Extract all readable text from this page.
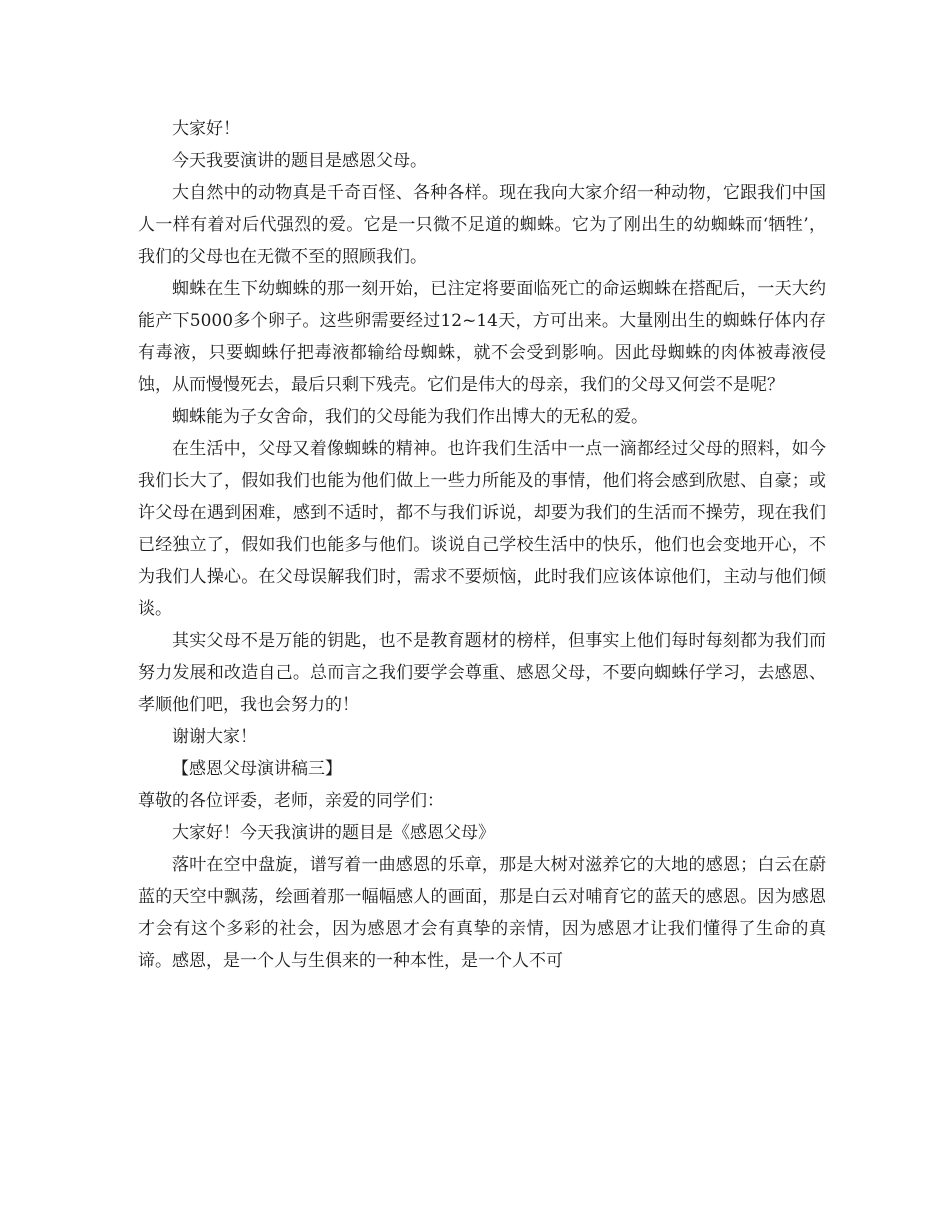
大家好！

今天我要演讲的题目是感恩父母。

大自然中的动物真是千奇百怪、各种各样。现在我向大家介绍一种动物，它跟我们中国人一样有着对后代强烈的爱。它是一只微不足道的蜘蛛。它为了刚出生的幼蜘蛛而‘牺牲’，我们的父母也在无微不至的照顾我们。

蜘蛛在生下幼蜘蛛的那一刻开始，已注定将要面临死亡的命运蜘蛛在搭配后，一天大约能产下5000多个卵子。这些卵需要经过12~14天，方可出来。大量刚出生的蜘蛛仔体内存有毒液，只要蜘蛛仔把毒液都输给母蜘蛛，就不会受到影响。因此母蜘蛛的肉体被毒液侵蚀，从而慢慢死去，最后只剩下残壳。它们是伟大的母亲，我们的父母又何尝不是呢？

蜘蛛能为子女舍命，我们的父母能为我们作出博大的无私的爱。

在生活中，父母又着像蜘蛛的精神。也许我们生活中一点一滴都经过父母的照料，如今我们长大了，假如我们也能为他们做上一些力所能及的事情，他们将会感到欣慰、自豪；或许父母在遇到困难，感到不适时，都不与我们诉说，却要为我们的生活而不操劳，现在我们已经独立了，假如我们也能多与他们。谈说自己学校生活中的快乐，他们也会变地开心，不为我们人操心。在父母误解我们时，需求不要烦恼，此时我们应该体谅他们，主动与他们倾谈。

其实父母不是万能的钥匙，也不是教育题材的榜样，但事实上他们每时每刻都为我们而努力发展和改造自己。总而言之我们要学会尊重、感恩父母，不要向蜘蛛仔学习，去感恩、孝顺他们吧，我也会努力的！

谢谢大家！

【感恩父母演讲稿三】

尊敬的各位评委，老师，亲爱的同学们：

大家好！今天我演讲的题目是《感恩父母》

落叶在空中盘旋，谱写着一曲感恩的乐章，那是大树对滋养它的大地的感恩；白云在蔚蓝的天空中飘荡，绘画着那一幅幅感人的画面，那是白云对哺育它的蓝天的感恩。因为感恩才会有这个多彩的社会，因为感恩才会有真挚的亲情，因为感恩才让我们懂得了生命的真谛。感恩，是一个人与生俱来的一种本性，是一个人不可
